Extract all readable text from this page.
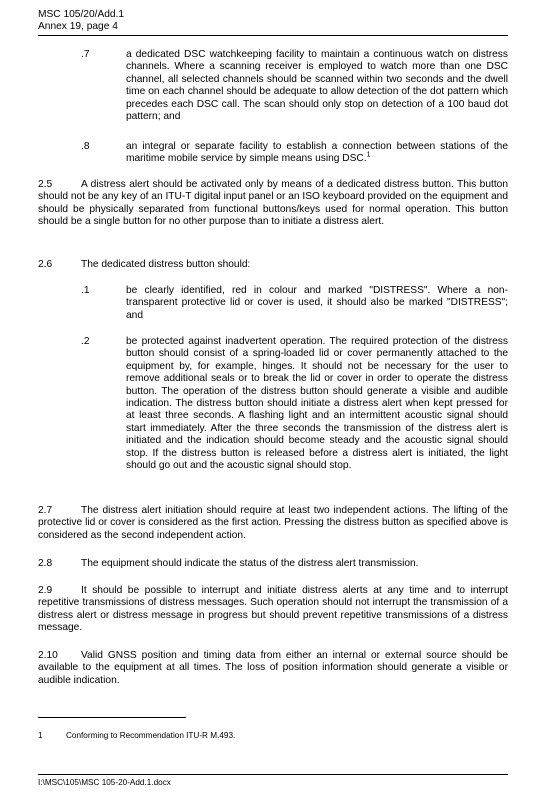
MSC 105/20/Add.1
Annex 19, page 4
.7	a dedicated DSC watchkeeping facility to maintain a continuous watch on distress channels. Where a scanning receiver is employed to watch more than one DSC channel, all selected channels should be scanned within two seconds and the dwell time on each channel should be adequate to allow detection of the dot pattern which precedes each DSC call. The scan should only stop on detection of a 100 baud dot pattern; and
.8	an integral or separate facility to establish a connection between stations of the maritime mobile service by simple means using DSC.$^1$
2.5	A distress alert should be activated only by means of a dedicated distress button. This button should not be any key of an ITU-T digital input panel or an ISO keyboard provided on the equipment and should be physically separated from functional buttons/keys used for normal operation. This button should be a single button for no other purpose than to initiate a distress alert.
2.6	The dedicated distress button should:
.1	be clearly identified, red in colour and marked "DISTRESS". Where a non-transparent protective lid or cover is used, it should also be marked "DISTRESS"; and
.2	be protected against inadvertent operation. The required protection of the distress button should consist of a spring-loaded lid or cover permanently attached to the equipment by, for example, hinges. It should not be necessary for the user to remove additional seals or to break the lid or cover in order to operate the distress button. The operation of the distress button should generate a visible and audible indication. The distress button should initiate a distress alert when kept pressed for at least three seconds. A flashing light and an intermittent acoustic signal should start immediately. After the three seconds the transmission of the distress alert is initiated and the indication should become steady and the acoustic signal should stop. If the distress button is released before a distress alert is initiated, the light should go out and the acoustic signal should stop.
2.7	The distress alert initiation should require at least two independent actions. The lifting of the protective lid or cover is considered as the first action. Pressing the distress button as specified above is considered as the second independent action.
2.8	The equipment should indicate the status of the distress alert transmission.
2.9	It should be possible to interrupt and initiate distress alerts at any time and to interrupt repetitive transmissions of distress messages. Such operation should not interrupt the transmission of a distress alert or distress message in progress but should prevent repetitive transmissions of a distress message.
2.10 Valid GNSS position and timing data from either an internal or external source should be available to the equipment at all times. The loss of position information should generate a visible or audible indication.
1	Conforming to Recommendation ITU-R M.493.
I:\MSC\105\MSC 105-20-Add.1.docx
